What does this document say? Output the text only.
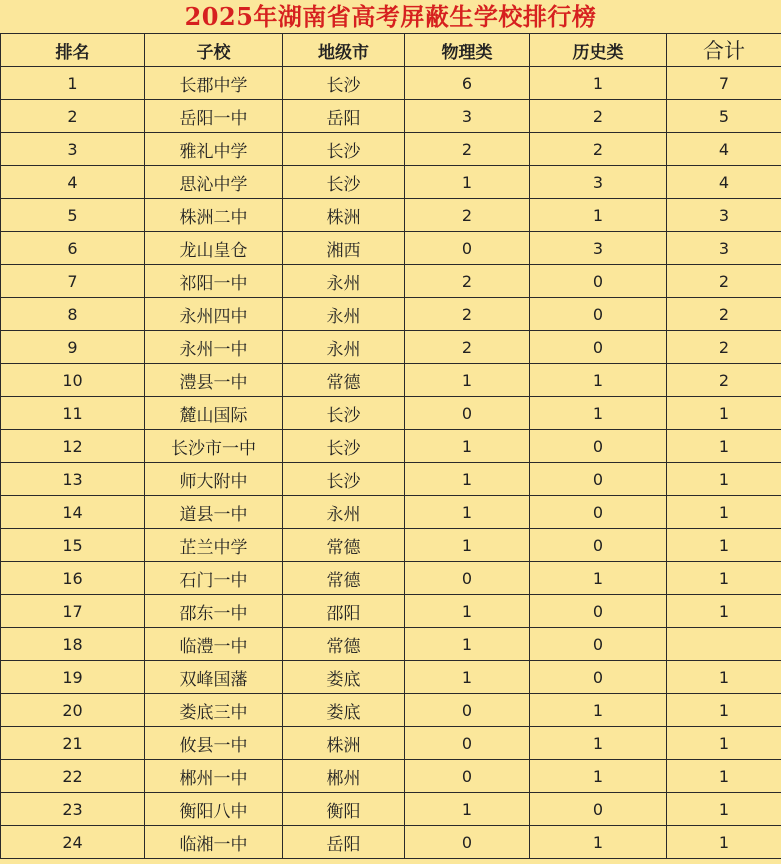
2025年湖南省高考屏蔽生学校排行榜
排名	子校	地级市	物理类	历史类	合计
1	长郡中学	长沙	6	1	7
2	岳阳一中	岳阳	3	2	5
3	雅礼中学	长沙	2	2	4
4	思沁中学	长沙	1	3	4
5	株洲二中	株洲	2	1	3
6	龙山皇仓	湘西	0	3	3
7	祁阳一中	永州	2	0	2
8	永州四中	永州	2	0	2
9	永州一中	永州	2	0	2
10	澧县一中	常德	1	1	2
11	麓山国际	长沙	0	1	1
12	长沙市一中	长沙	1	0	1
13	师大附中	长沙	1	0	1
14	道县一中	永州	1	0	1
15	芷兰中学	常德	1	0	1
16	石门一中	常德	0	1	1
17	邵东一中	邵阳	1	0	1
18	临澧一中	常德	1	0	
19	双峰国藩	娄底	1	0	1
20	娄底三中	娄底	0	1	1
21	攸县一中	株洲	0	1	1
22	郴州一中	郴州	0	1	1
23	衡阳八中	衡阳	1	0	1
24	临湘一中	岳阳	0	1	1
